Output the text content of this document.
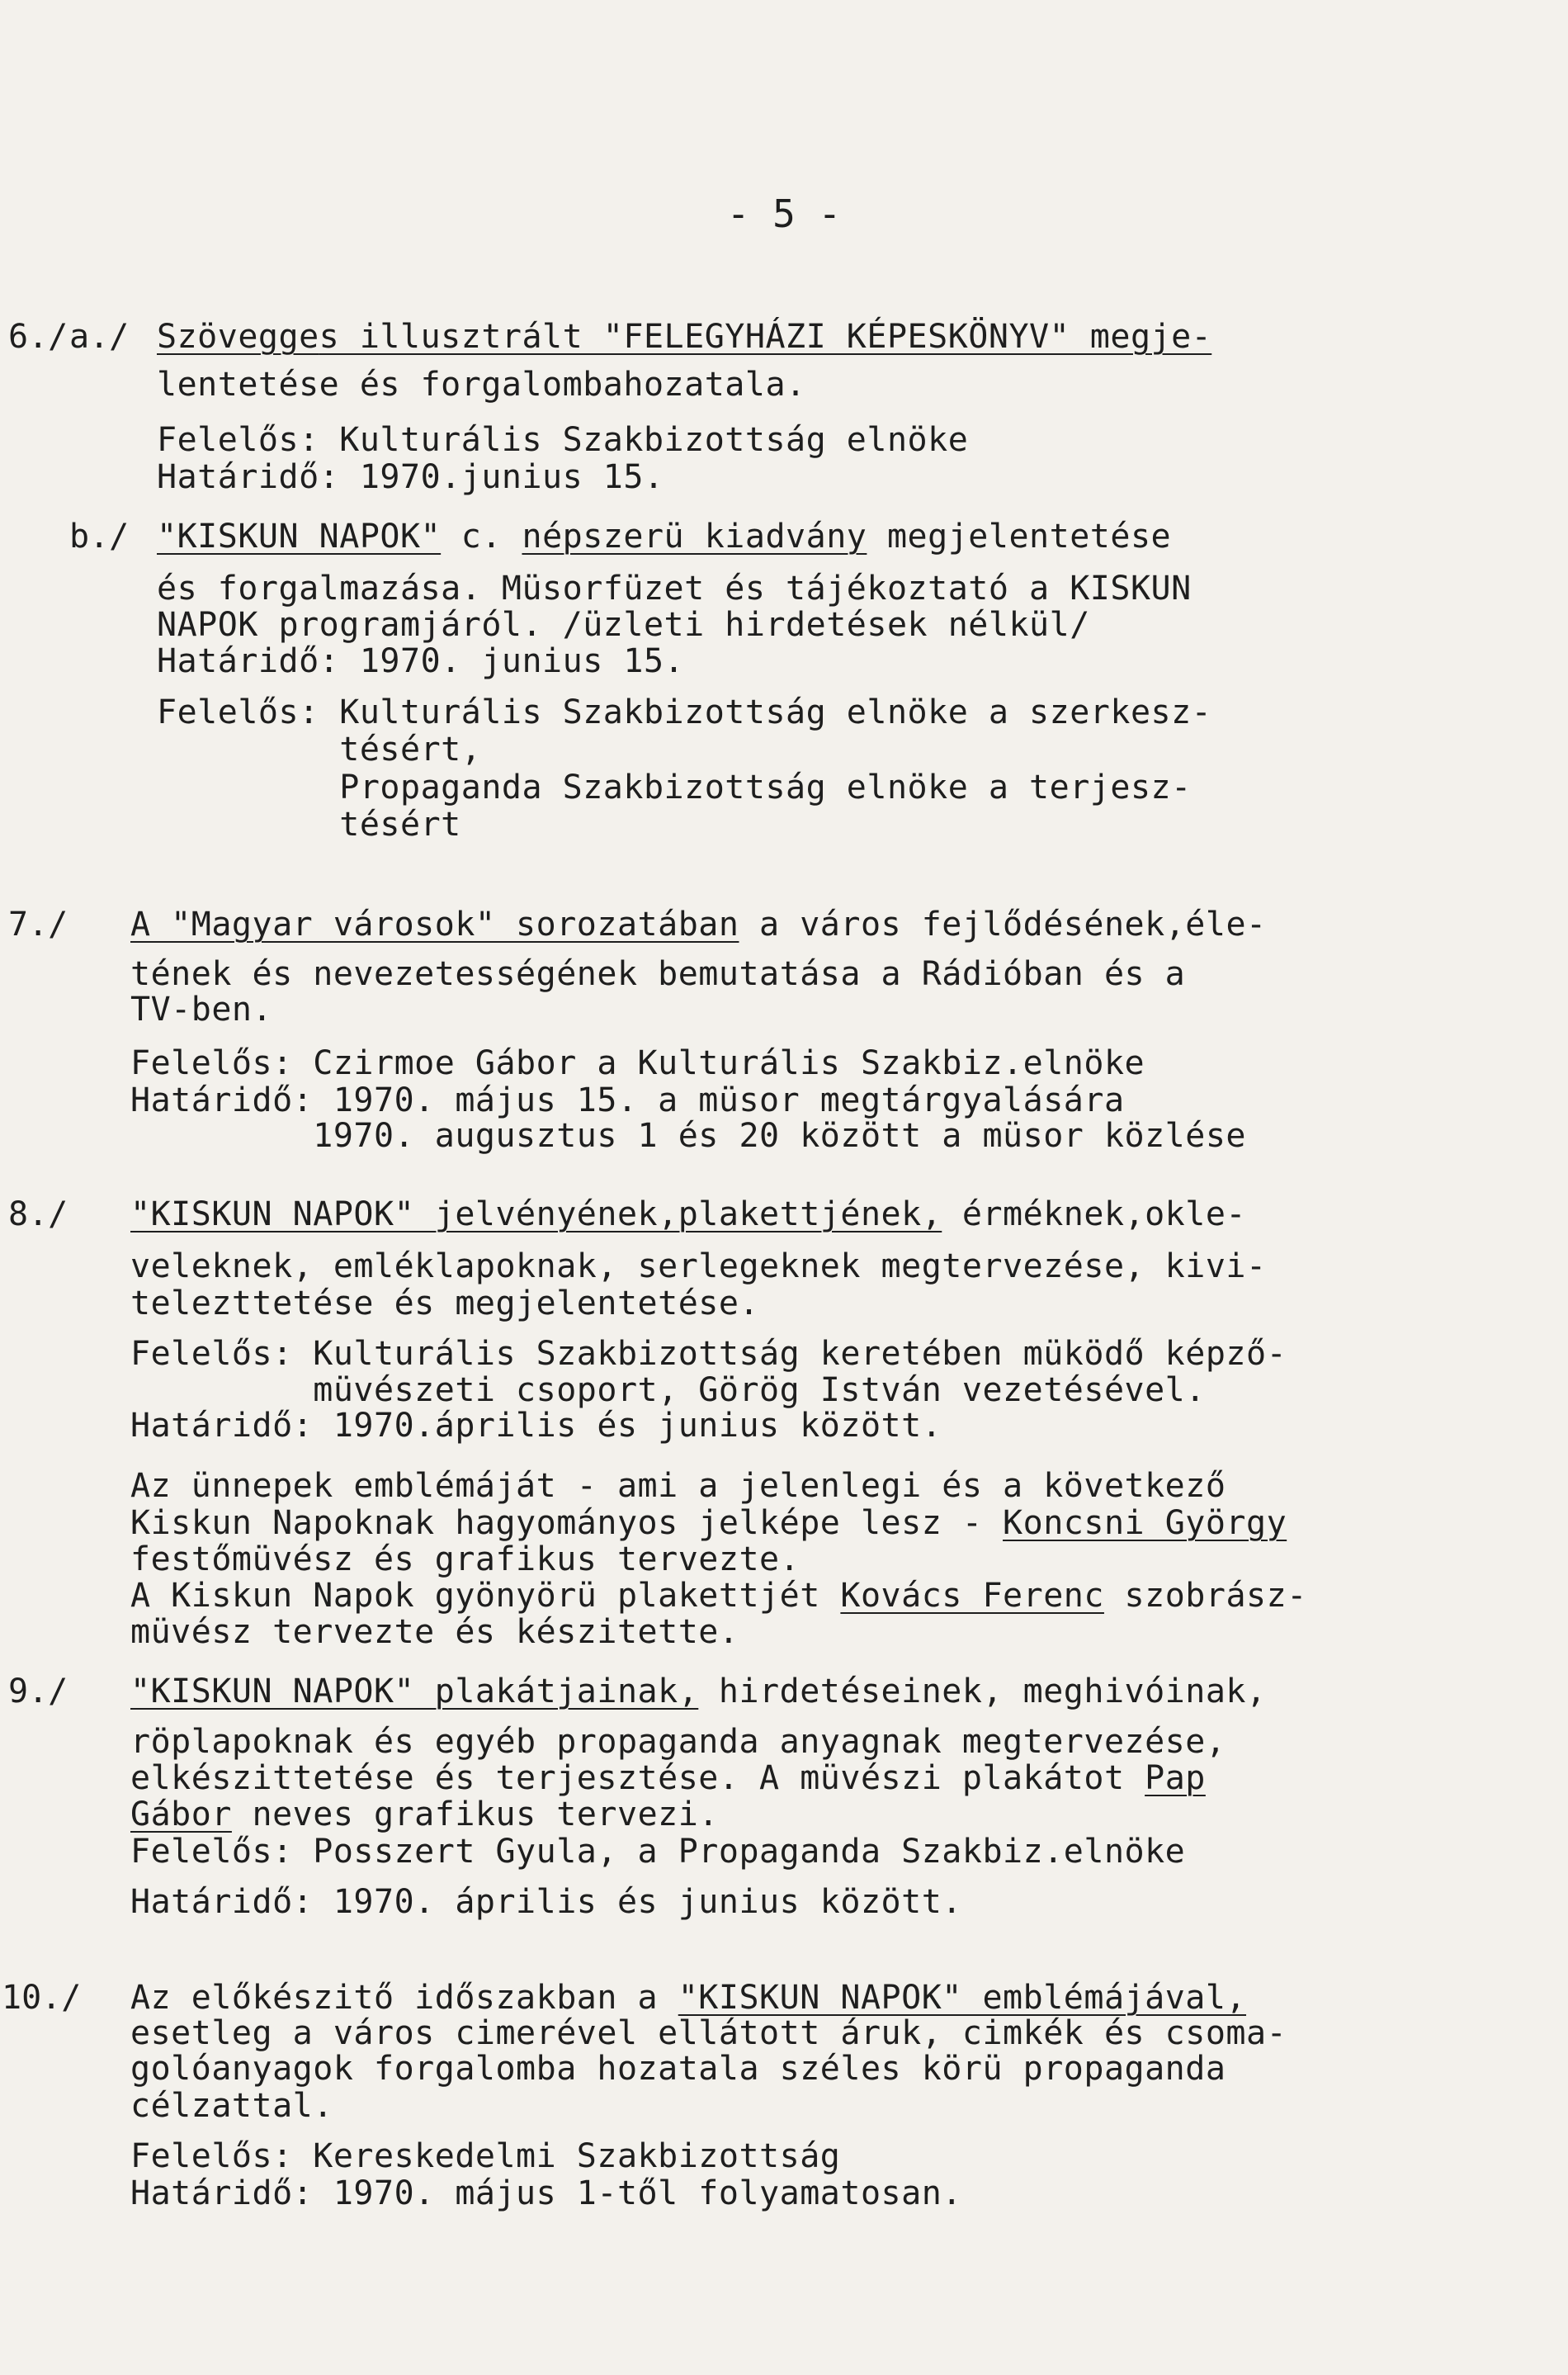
- 5 -
6./ a./ Szövegges illusztrált "FELEGYHÁZI KÉPESKÖNYV" megje-
lentetése és forgalombahozatala.
Felelős: Kulturális Szakbizottság elnöke
Határidő: 1970.junius 15.
b./ "KISKUN NAPOK" c. népszerü kiadvány megjelentetése
és forgalmazása. Müsorfüzet és tájékoztató a KISKUN
NAPOK programjáról. /üzleti hirdetések nélkül/
Határidő: 1970. junius 15.
Felelős: Kulturális Szakbizottság elnöke a szerkesz-
tésért,
Propaganda Szakbizottság elnöke a terjesz-
tésért
7./ A "Magyar városok" sorozatában a város fejlődésének,éle-
tének és nevezetességének bemutatása a Rádióban és a
TV-ben.
Felelős: Czirmoe Gábor a Kulturális Szakbiz.elnöke
Határidő: 1970. május 15. a müsor megtárgyalására
1970. augusztus 1 és 20 között a müsor közlése
8./ "KISKUN NAPOK" jelvényének,plakettjének, érméknek,okle-
veleknek, emléklapoknak, serlegeknek megtervezése, kivi-
telezttetése és megjelentetése.
Felelős: Kulturális Szakbizottság keretében müködő képző-
müvészeti csoport, Görög István vezetésével.
Határidő: 1970.április és junius között.
Az ünnepek emblémáját - ami a jelenlegi és a következő
Kiskun Napoknak hagyományos jelképe lesz - Koncsni György
festőmüvész és grafikus tervezte.
A Kiskun Napok gyönyörü plakettjét Kovács Ferenc szobrász-
müvész tervezte és készitette.
9./ "KISKUN NAPOK" plakátjainak, hirdetéseinek, meghivóinak,
röplapoknak és egyéb propaganda anyagnak megtervezése,
elkészittetése és terjesztése. A müvészi plakátot Pap
Gábor neves grafikus tervezi.
Felelős: Posszert Gyula, a Propaganda Szakbiz.elnöke
Határidő: 1970. április és junius között.
10./ Az előkészitő időszakban a "KISKUN NAPOK" emblémájával,
esetleg a város cimerével ellátott áruk, cimkék és csoma-
golóanyagok forgalomba hozatala széles körü propaganda
célzattal.
Felelős: Kereskedelmi Szakbizottság
Határidő: 1970. május 1-től folyamatosan.
